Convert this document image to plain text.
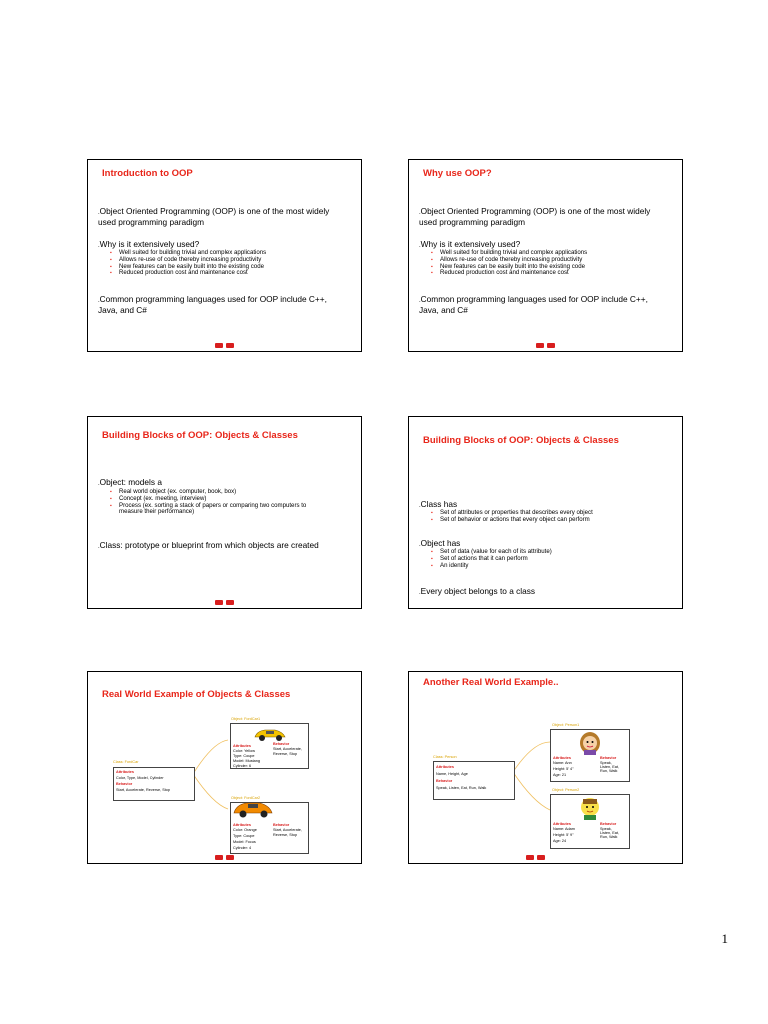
Introduction to OOP
.Object Oriented Programming (OOP) is one of the most widely used programming paradigm
.Why is it extensively used?
▪ Well suited for building trivial and complex applications
▪ Allows re-use of code thereby increasing productivity
▪ New features can be easily built into the existing code
▪ Reduced production cost and maintenance cost
.Common programming languages used for OOP include C++, Java, and C#
Why use OOP?
.Object Oriented Programming (OOP) is one of the most widely used programming paradigm
.Why is it extensively used?
▪ Well suited for building trivial and complex applications
▪ Allows re-use of code thereby increasing productivity
▪ New features can be easily built into the existing code
▪ Reduced production cost and maintenance cost
.Common programming languages used for OOP include C++, Java, and C#
Building Blocks of OOP: Objects & Classes
.Object: models a
▪ Real world object (ex. computer, book, box)
▪ Concept (ex. meeting, interview)
▪ Process (ex. sorting a stack of papers or comparing two computers to measure their performance)
.Class: prototype or blueprint from which objects are created
Building Blocks of OOP: Objects & Classes
.Class has
▪ Set of attributes or properties that describes every object
▪ Set of behavior or actions that every object can perform
.Object has
▪ Set of data (value for each of its attribute)
▪ Set of actions that it can perform
▪ An identity
.Every object belongs to a class
Real World Example of Objects & Classes
Class: FordCar
Attributes
Color, Type, Model, Cylinder
Behavior
Start, Accelerate, Reverse, Stop
Object: FordCar1
Attributes
Color: Yellow
Type: Coupe
Model: Mustang
Cylinder: 6
Behavior
Start, Accelerate,
Reverse, Stop
Object: FordCar2
Attributes
Color: Orange
Type: Coupe
Model: Focus
Cylinder: 4
Behavior
Start, Accelerate,
Reverse, Stop
Another Real World Example..
Class: Person
Attributes
Name, Height, Age
Behavior
Speak, Listen, Eat, Run, Walk
Object: Person1
Attributes
Name: Ann
Height: 5' 4"
Age: 21
Behavior
Speak,
Listen, Eat,
Run, Walk
Object: Person2
Attributes
Name: Adam
Height: 5' 9"
Age: 24
Behavior
Speak,
Listen, Eat,
Run, Walk
1
